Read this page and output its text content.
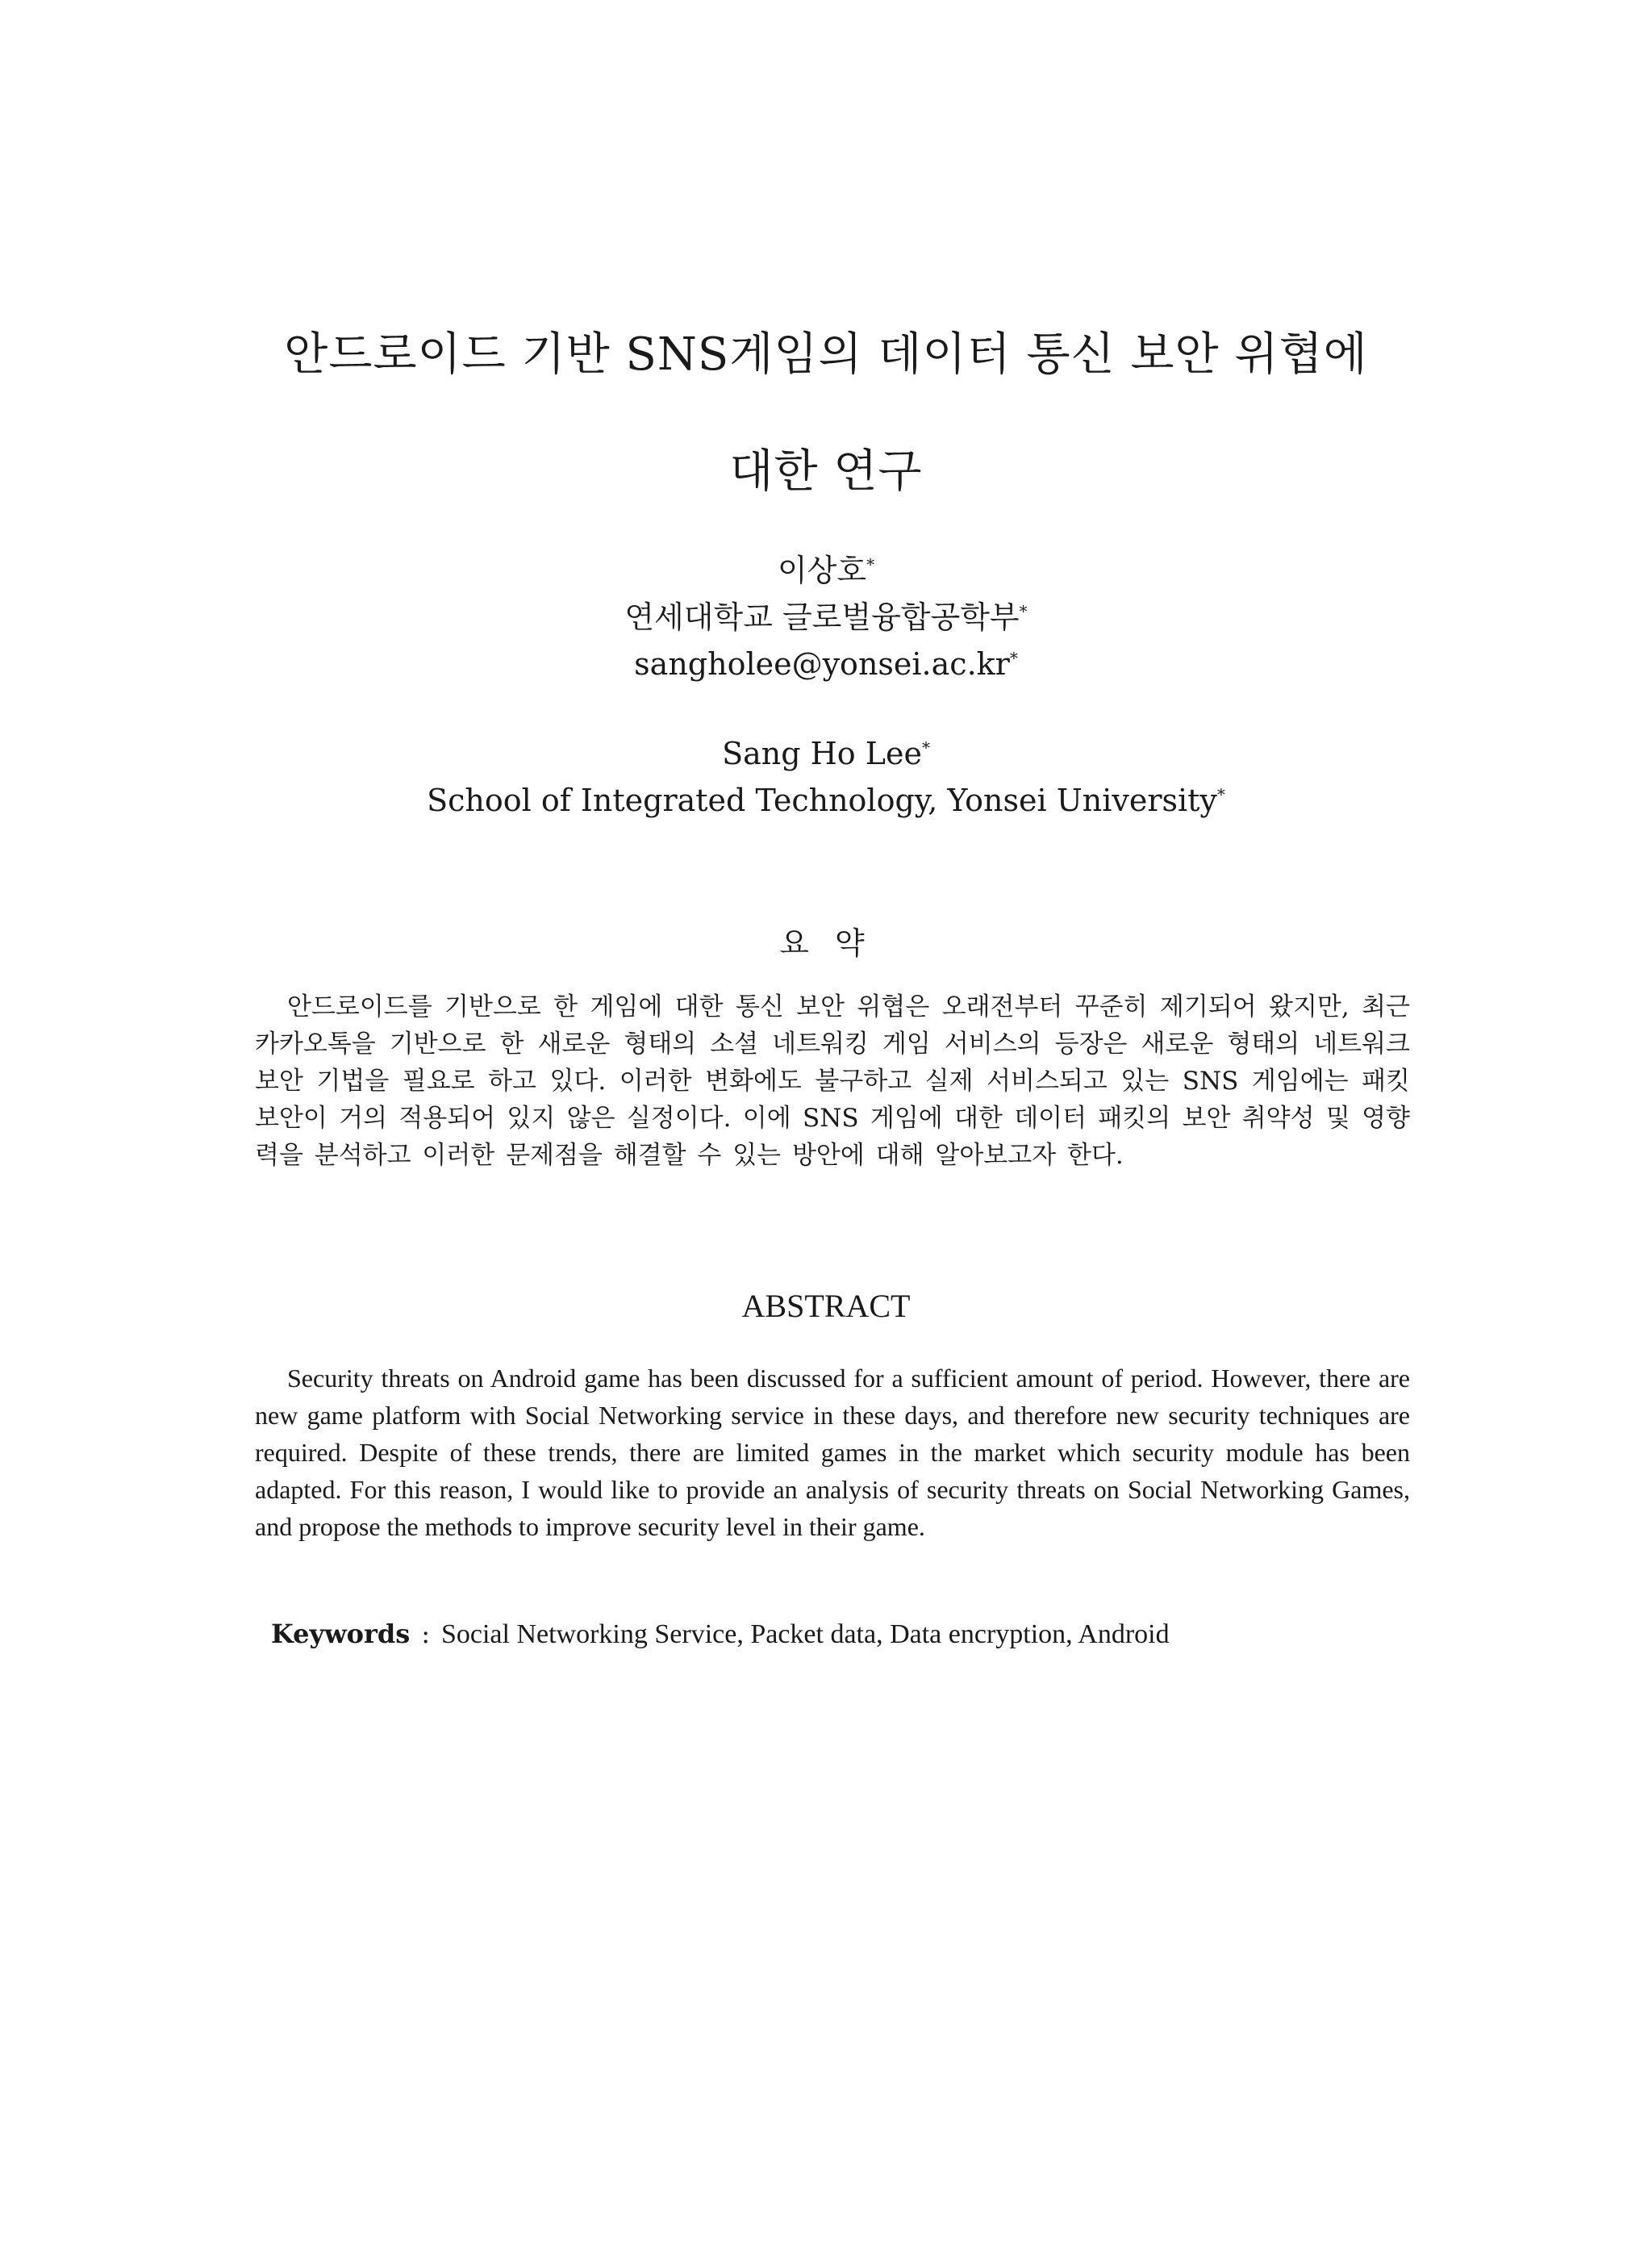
안드로이드 기반 SNS게임의 데이터 통신 보안 위협에
대한 연구
이상호*
연세대학교 글로벌융합공학부*
sangholee@yonsei.ac.kr*
Sang Ho Lee*
School of Integrated Technology, Yonsei University*
요 약

안드로이드를 기반으로 한 게임에 대한 통신 보안 위협은 오래전부터 꾸준히 제기되어 왔지만, 최근 카카오톡을 기반으로 한 새로운 형태의 소셜 네트워킹 게임 서비스의 등장은 새로운 형태의 네트워크 보안 기법을 필요로 하고 있다. 이러한 변화에도 불구하고 실제 서비스되고 있는 SNS 게임에는 패킷 보안이 거의 적용되어 있지 않은 실정이다. 이에 SNS 게임에 대한 데이터 패킷의 보안 취약성 및 영향력을 분석하고 이러한 문제점을 해결할 수 있는 방안에 대해 알아보고자 한다.

ABSTRACT

Security threats on Android game has been discussed for a sufficient amount of period. However, there are new game platform with Social Networking service in these days, and therefore new security techniques are required. Despite of these trends, there are limited games in the market which security module has been adapted. For this reason, I would like to provide an analysis of security threats on Social Networking Games, and propose the methods to improve security level in their game.

Keywords : Social Networking Service, Packet data, Data encryption, Android
